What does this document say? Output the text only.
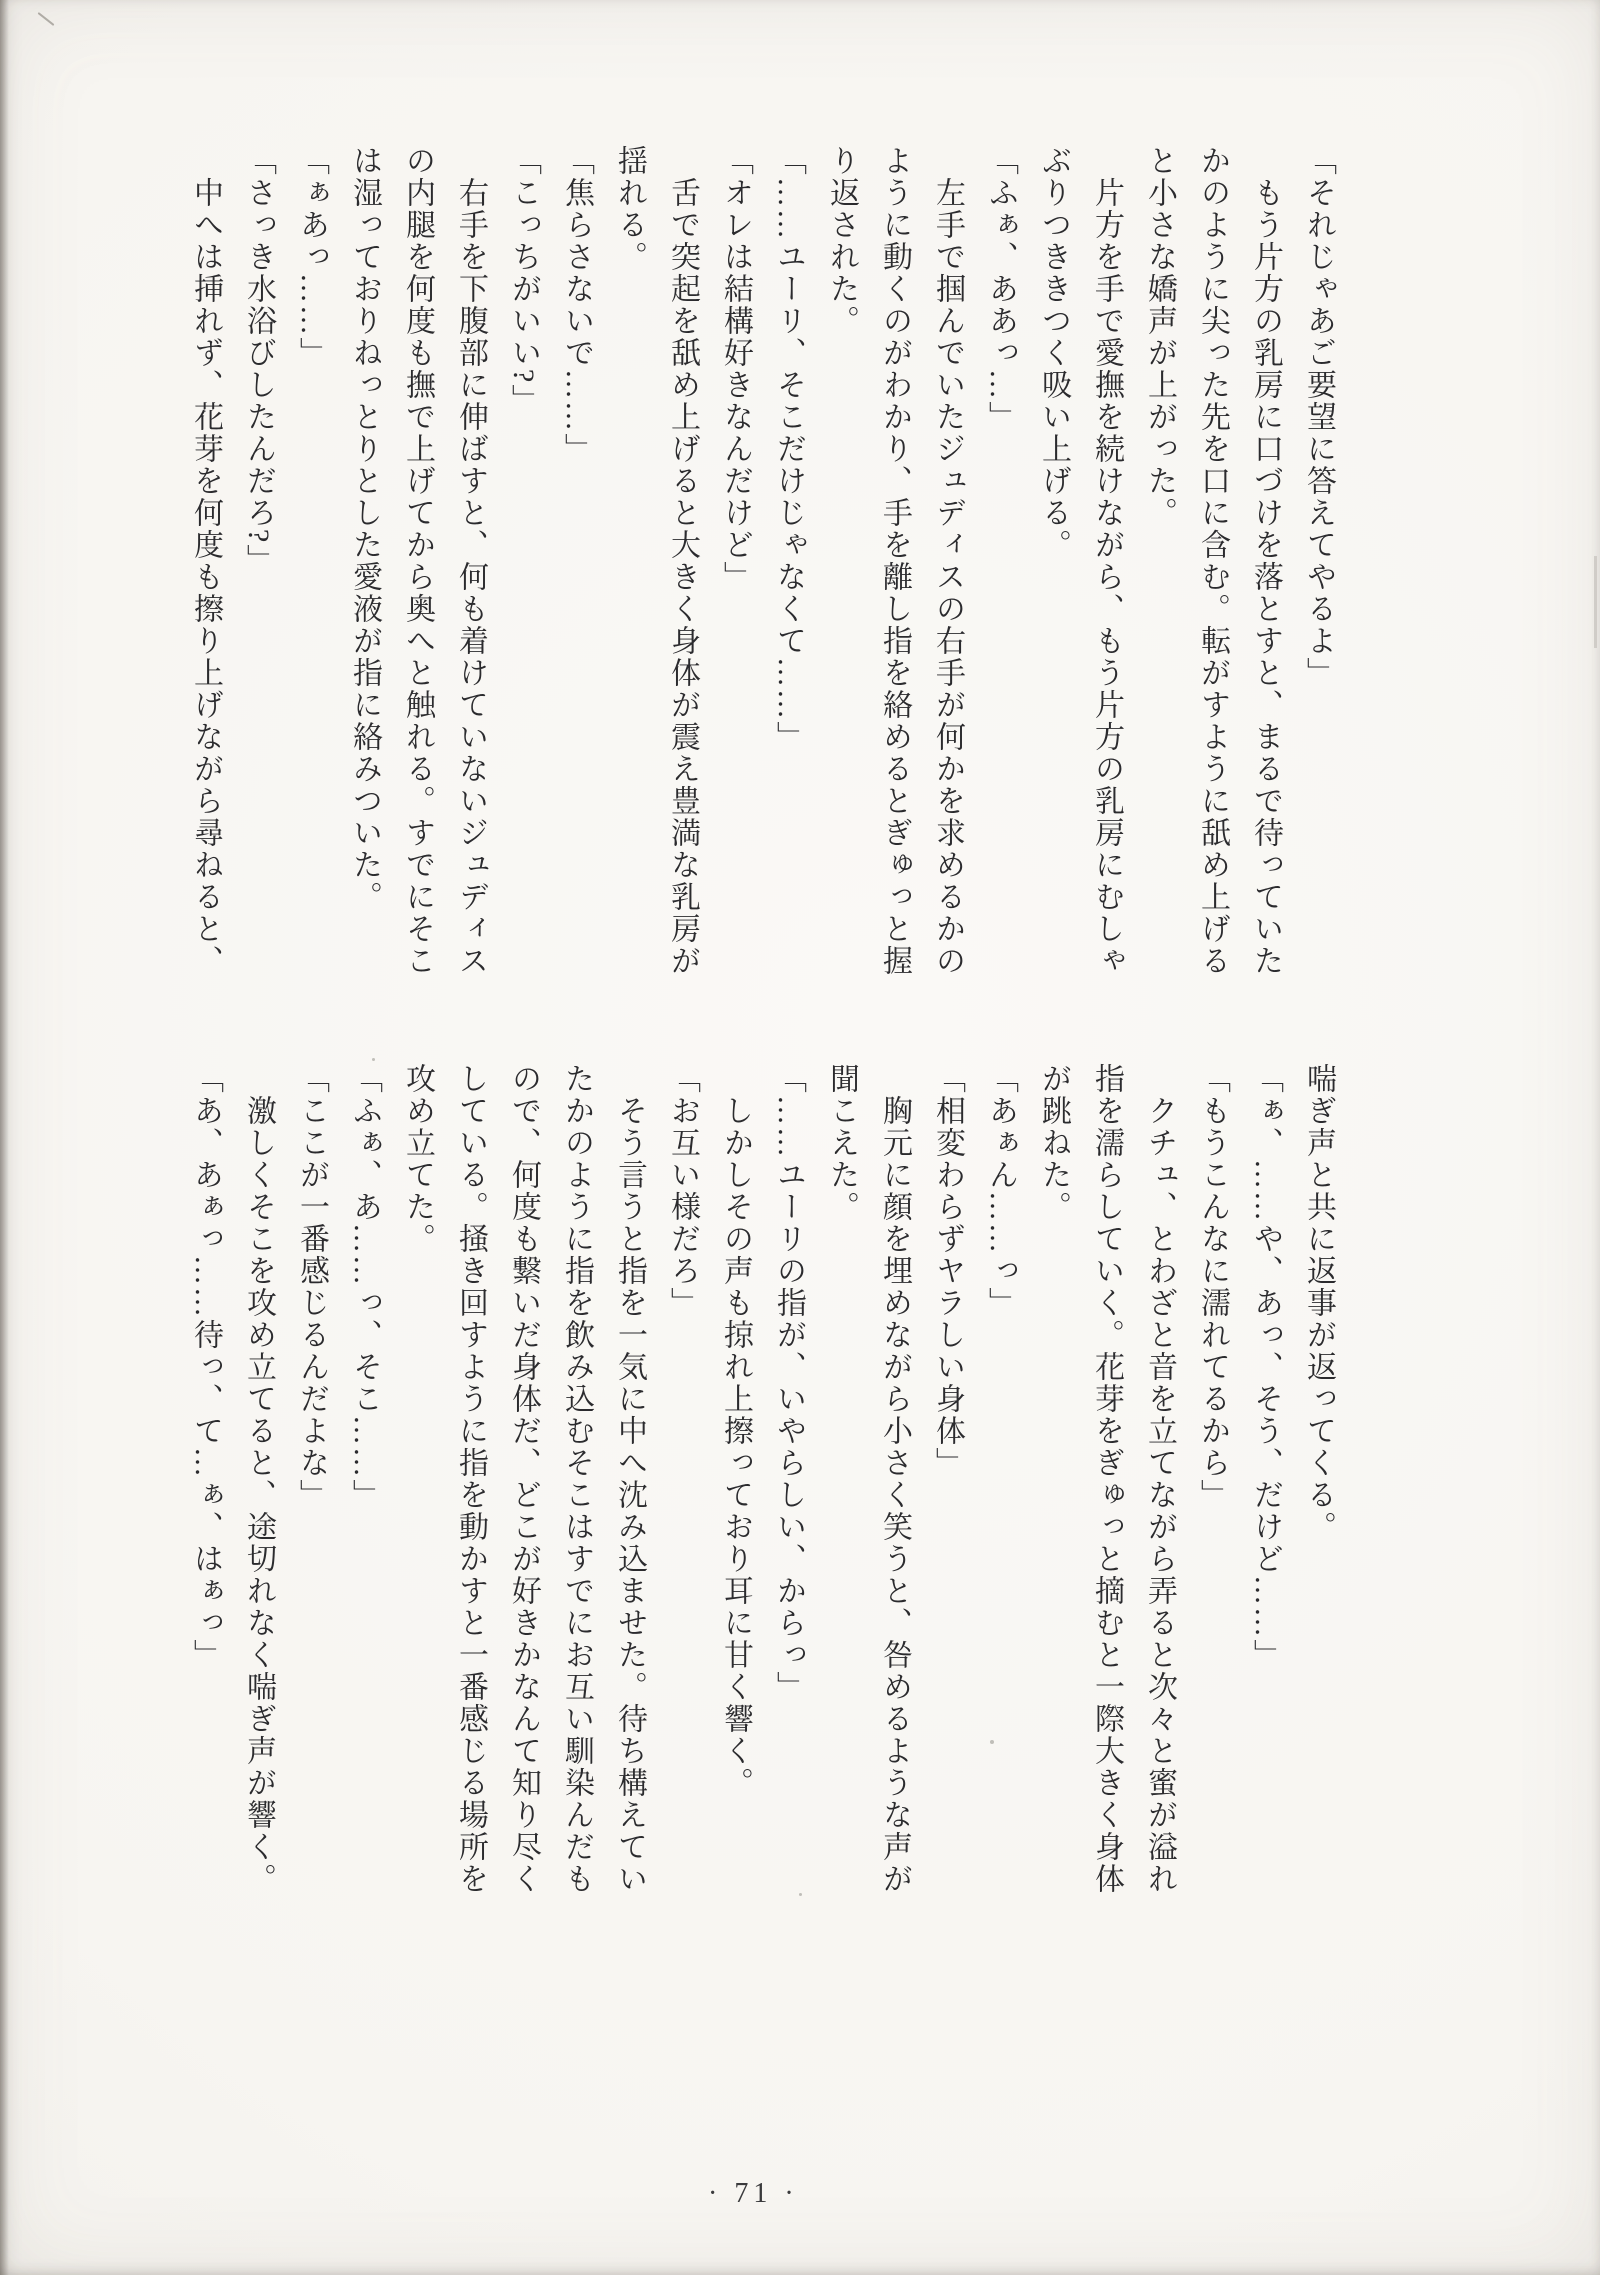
「それじゃあご要望に答えてやるよ」

もう片方の乳房に口づけを落とすと、まるで待っていた

かのように尖った先を口に含む。転がすように舐め上げる

と小さな嬌声が上がった。

片方を手で愛撫を続けながら、もう片方の乳房にむしゃ

ぶりつききつく吸い上げる。

「ふぁ、ああっ…」

左手で掴んでいたジュディスの右手が何かを求めるかの

ように動くのがわかり、手を離し指を絡めるとぎゅっと握

り返された。

「……ユーリ、そこだけじゃなくて……」

「オレは結構好きなんだけど」

舌で突起を舐め上げると大きく身体が震え豊満な乳房が

揺れる。

「焦らさないで……」

「こっちがいい?」

右手を下腹部に伸ばすと、何も着けていないジュディス

の内腿を何度も撫で上げてから奥へと触れる。すでにそこ

は湿っておりねっとりとした愛液が指に絡みついた。

「ぁあっ……」

「さっき水浴びしたんだろ?」

中へは挿れず、花芽を何度も擦り上げながら尋ねると、

喘ぎ声と共に返事が返ってくる。

「ぁ、……や、あっ、そう、だけど……」

「もうこんなに濡れてるから」

クチュ、とわざと音を立てながら弄ると次々と蜜が溢れ

指を濡らしていく。花芽をぎゅっと摘むと一際大きく身体

が跳ねた。

「あぁん……っ」

「相変わらずヤラしい身体」

胸元に顔を埋めながら小さく笑うと、咎めるような声が

聞こえた。

「……ユーリの指が、いやらしい、からっ」

しかしその声も掠れ上擦っており耳に甘く響く。

「お互い様だろ」

そう言うと指を一気に中へ沈み込ませた。待ち構えてい

たかのように指を飲み込むそこはすでにお互い馴染んだも

ので、何度も繋いだ身体だ、どこが好きかなんて知り尽く

している。掻き回すように指を動かすと一番感じる場所を

攻め立てた。

「ふぁ、あ……っ、そこ……」

「ここが一番感じるんだよな」

激しくそこを攻め立てると、途切れなく喘ぎ声が響く。

「あ、あぁっ……待っ、て…ぁ、はぁっ」

· 71 ·
